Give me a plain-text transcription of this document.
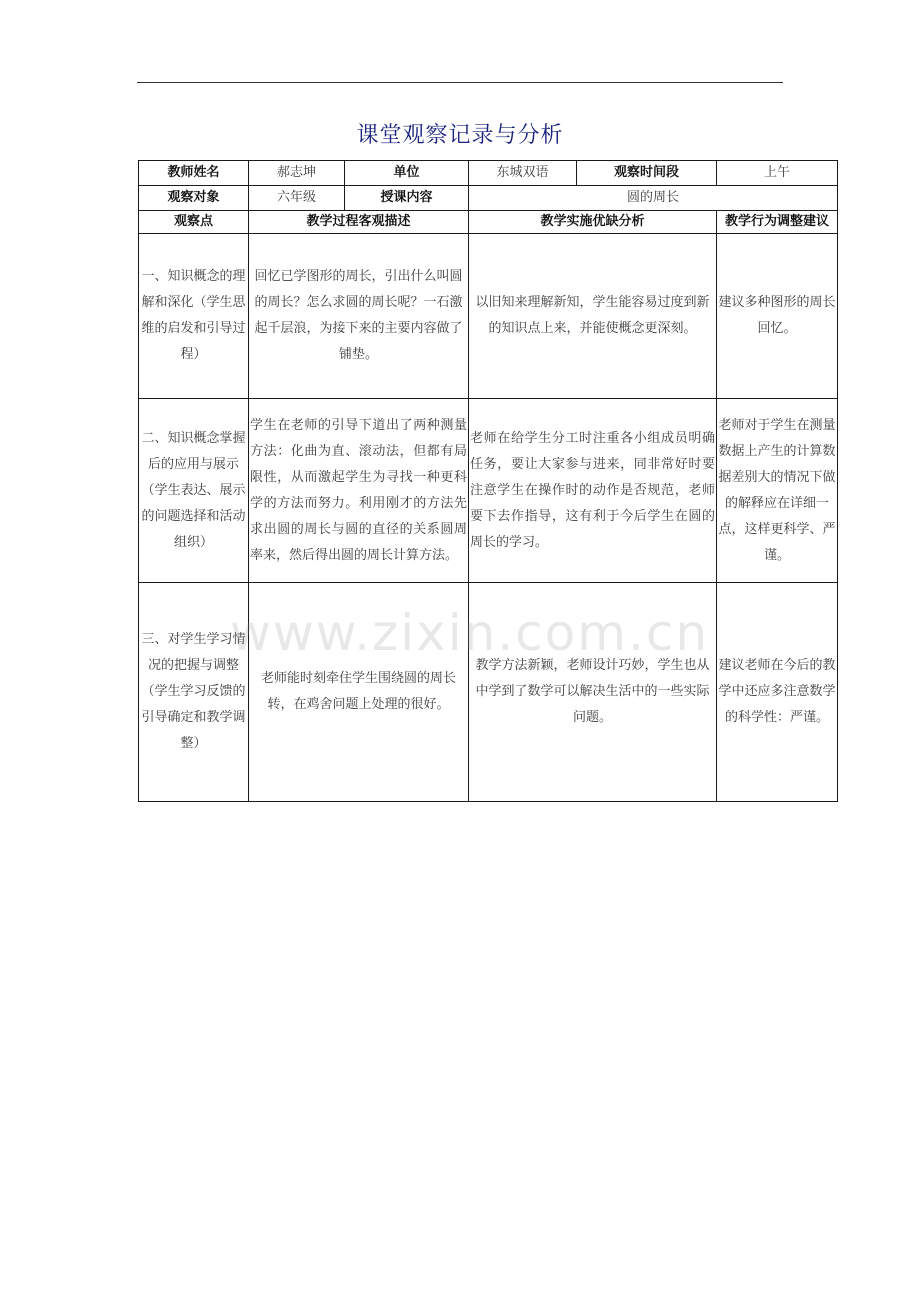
课堂观察记录与分析
教师姓名	郝志坤	单位	东城双语	观察时间段	上午
观察对象	六年级	授课内容	圆的周长		
观察点	教学过程客观描述		教学实施优缺分析		教学行为调整建议
一、知识概念的理解和深化（学生思维的启发和引导过程）	回忆已学图形的周长，引出什么叫圆的周长？怎么求圆的周长呢？一石激起千层浪，为接下来的主要内容做了铺垫。		以旧知来理解新知，学生能容易过度到新的知识点上来，并能使概念更深刻。		建议多种图形的周长回忆。
二、知识概念掌握后的应用与展示（学生表达、展示的问题选择和活动组织）	学生在老师的引导下道出了两种测量方法：化曲为直、滚动法，但都有局限性，从而激起学生为寻找一种更科学的方法而努力。利用刚才的方法先求出圆的周长与圆的直径的关系圆周率来，然后得出圆的周长计算方法。		老师在给学生分工时注重各小组成员明确任务，要让大家参与进来，同非常好时要注意学生在操作时的动作是否规范，老师要下去作指导，这有利于今后学生在圆的周长的学习。		老师对于学生在测量数据上产生的计算数据差别大的情况下做的解释应在详细一点，这样更科学、严谨。
三、对学生学习情况的把握与调整（学生学习反馈的引导确定和教学调整）	老师能时刻牵住学生围绕圆的周长转，在鸡舍问题上处理的很好。		教学方法新颖，老师设计巧妙，学生也从中学到了数学可以解决生活中的一些实际问题。		建议老师在今后的教学中还应多注意数学的科学性：严谨。
www.zixin.com.cn
